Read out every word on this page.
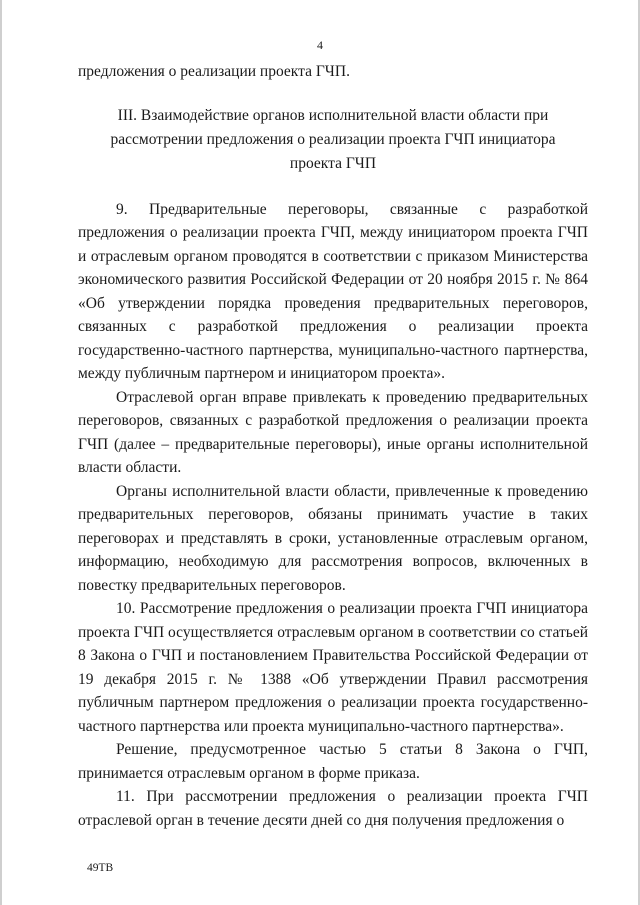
4

предложения о реализации проекта ГЧП.

III. Взаимодействие органов исполнительной власти области при
рассмотрении предложения о реализации проекта ГЧП инициатора
проекта ГЧП

9. Предварительные переговоры, связанные с разработкой предложения о реализации проекта ГЧП, между инициатором проекта ГЧП и отраслевым органом проводятся в соответствии с приказом Министерства экономического развития Российской Федерации от 20 ноября 2015 г. № 864 «Об утверждении порядка проведения предварительных переговоров, связанных с разработкой предложения о реализации проекта государственно-частного партнерства, муниципально-частного партнерства, между публичным партнером и инициатором проекта».

Отраслевой орган вправе привлекать к проведению предварительных переговоров, связанных с разработкой предложения о реализации проекта ГЧП (далее – предварительные переговоры), иные органы исполнительной власти области.

Органы исполнительной власти области, привлеченные к проведению предварительных переговоров, обязаны принимать участие в таких переговорах и представлять в сроки, установленные отраслевым органом, информацию, необходимую для рассмотрения вопросов, включенных в повестку предварительных переговоров.

10. Рассмотрение предложения о реализации проекта ГЧП инициатора проекта ГЧП осуществляется отраслевым органом в соответствии со статьей 8 Закона о ГЧП и постановлением Правительства Российской Федерации от 19 декабря 2015 г. № 1388 «Об утверждении Правил рассмотрения публичным партнером предложения о реализации проекта государственно-частного партнерства или проекта муниципально-частного партнерства».

Решение, предусмотренное частью 5 статьи 8 Закона о ГЧП, принимается отраслевым органом в форме приказа.

11. При рассмотрении предложения о реализации проекта ГЧП отраслевой орган в течение десяти дней со дня получения предложения о

49ТВ
